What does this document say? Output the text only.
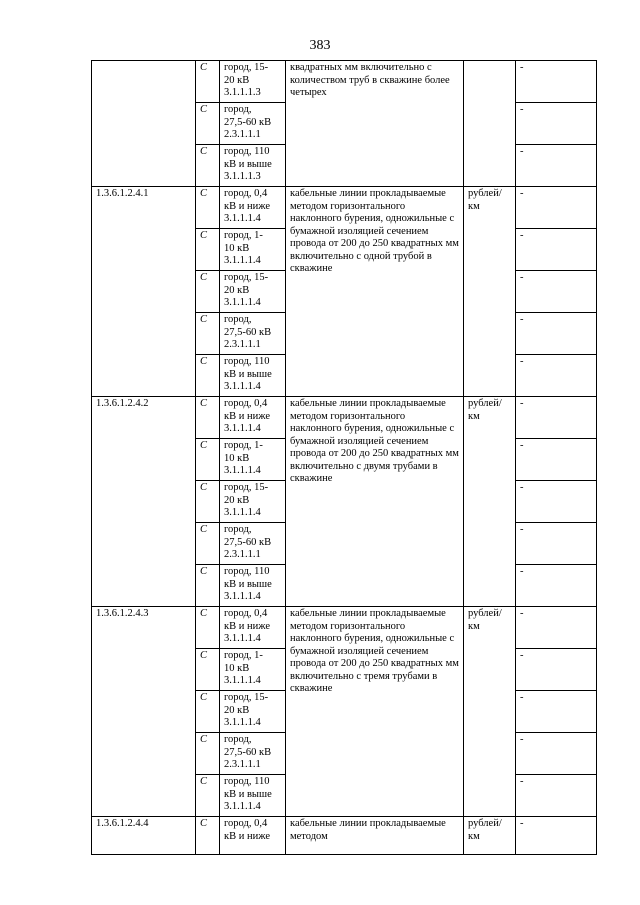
383
	С	город, 15-
20 кВ
3.1.1.1.3	квадратных мм включительно с количеством труб в скважине более четырех		-
	С	город,
27,5-60 кВ
2.3.1.1.1			-
	С	город, 110
кВ и выше
3.1.1.1.3			-
1.3.6.1.2.4.1	С	город, 0,4
кВ и ниже
3.1.1.1.4	кабельные линии прокладываемые методом горизонтального наклонного бурения, одножильные с бумажной изоляцией сечением провода от 200 до 250 квадратных мм включительно с одной трубой в скважине	рублей/
км	-
	С	город, 1-
10 кВ
3.1.1.1.4			-
	С	город, 15-
20 кВ
3.1.1.1.4			-
	С	город,
27,5-60 кВ
2.3.1.1.1			-
	С	город, 110
кВ и выше
3.1.1.1.4			-
1.3.6.1.2.4.2	С	город, 0,4
кВ и ниже
3.1.1.1.4	кабельные линии прокладываемые методом горизонтального наклонного бурения, одножильные с бумажной изоляцией сечением провода от 200 до 250 квадратных мм включительно с двумя трубами в скважине	рублей/
км	-
	С	город, 1-
10 кВ
3.1.1.1.4			-
	С	город, 15-
20 кВ
3.1.1.1.4			-
	С	город,
27,5-60 кВ
2.3.1.1.1			-
	С	город, 110
кВ и выше
3.1.1.1.4			-
1.3.6.1.2.4.3	С	город, 0,4
кВ и ниже
3.1.1.1.4	кабельные линии прокладываемые методом горизонтального наклонного бурения, одножильные с бумажной изоляцией сечением провода от 200 до 250 квадратных мм включительно с тремя трубами в скважине	рублей/
км	-
	С	город, 1-
10 кВ
3.1.1.1.4			-
	С	город, 15-
20 кВ
3.1.1.1.4			-
	С	город,
27,5-60 кВ
2.3.1.1.1			-
	С	город, 110
кВ и выше
3.1.1.1.4			-
1.3.6.1.2.4.4	С	город, 0,4
кВ и ниже	кабельные линии прокладываемые методом	рублей/
км	-
